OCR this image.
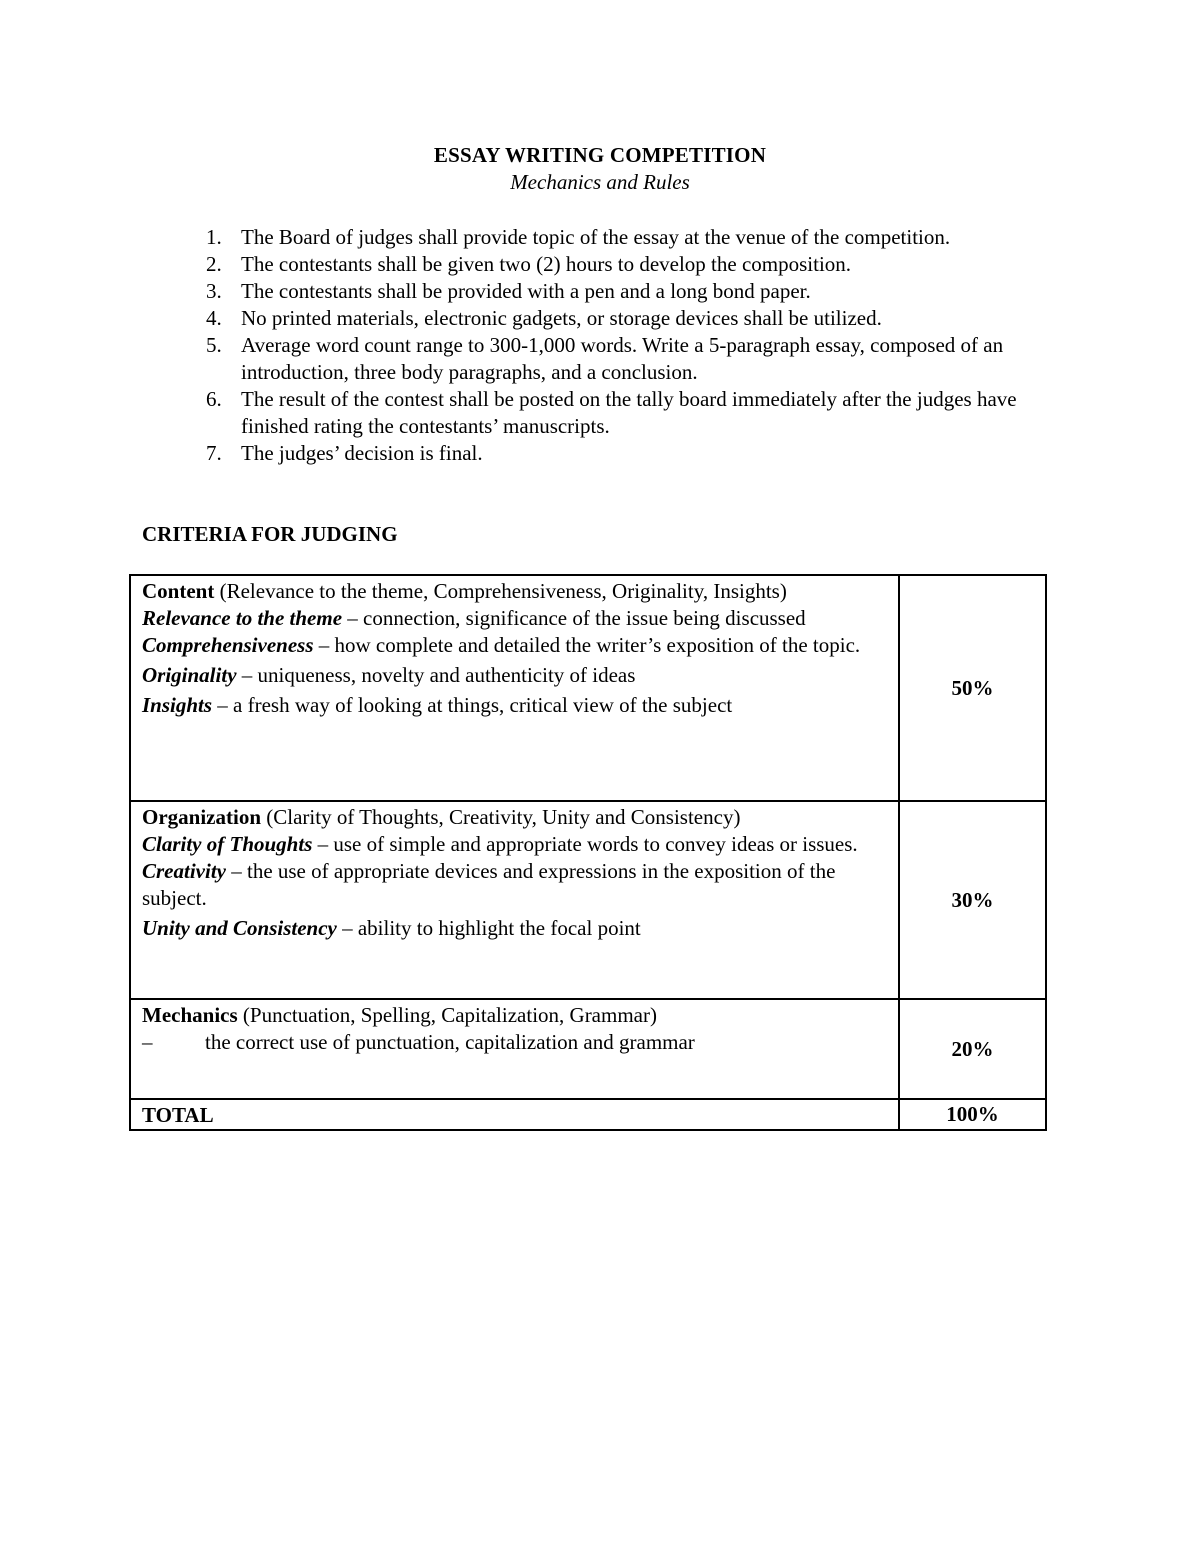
ESSAY WRITING COMPETITION
Mechanics and Rules
1. The Board of judges shall provide topic of the essay at the venue of the competition.
2. The contestants shall be given two (2) hours to develop the composition.
3. The contestants shall be provided with a pen and a long bond paper.
4. No printed materials, electronic gadgets, or storage devices shall be utilized.
5. Average word count range to 300-1,000 words. Write a 5-paragraph essay, composed of an introduction, three body paragraphs, and a conclusion.
6. The result of the contest shall be posted on the tally board immediately after the judges have finished rating the contestants’ manuscripts.
7. The judges’ decision is final.
CRITERIA FOR JUDGING
Content (Relevance to the theme, Comprehensiveness, Originality, Insights)
Relevance to the theme – connection, significance of the issue being discussed
Comprehensiveness – how complete and detailed the writer’s exposition of the topic.
Originality – uniqueness, novelty and authenticity of ideas
Insights – a fresh way of looking at things, critical view of the subject	50%

Organization (Clarity of Thoughts, Creativity, Unity and Consistency)
Clarity of Thoughts – use of simple and appropriate words to convey ideas or issues.
Creativity – the use of appropriate devices and expressions in the exposition of the subject.
Unity and Consistency – ability to highlight the focal point	30%

Mechanics (Punctuation, Spelling, Capitalization, Grammar)
– the correct use of punctuation, capitalization and grammar	20%
TOTAL	100%
